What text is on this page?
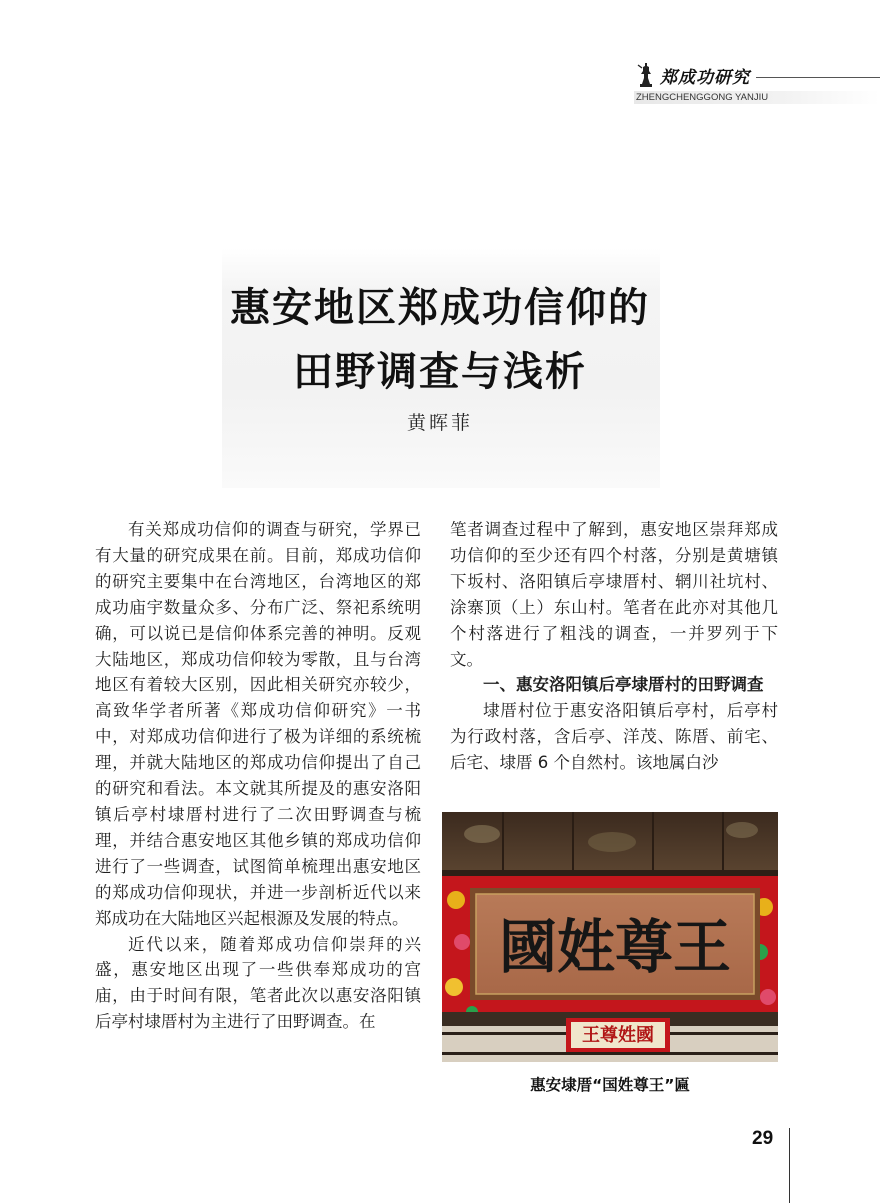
郑成功研究
ZHENGCHENGGONG YANJIU
惠安地区郑成功信仰的
田野调查与浅析
黄晖菲

有关郑成功信仰的调查与研究，学界已有大量的研究成果在前。目前，郑成功信仰的研究主要集中在台湾地区，台湾地区的郑成功庙宇数量众多、分布广泛、祭祀系统明确，可以说已是信仰体系完善的神明。反观大陆地区，郑成功信仰较为零散，且与台湾地区有着较大区别，因此相关研究亦较少，高致华学者所著《郑成功信仰研究》一书中，对郑成功信仰进行了极为详细的系统梳理，并就大陆地区的郑成功信仰提出了自己的研究和看法。本文就其所提及的惠安洛阳镇后亭村埭厝村进行了二次田野调查与梳理，并结合惠安地区其他乡镇的郑成功信仰进行了一些调查，试图简单梳理出惠安地区的郑成功信仰现状，并进一步剖析近代以来郑成功在大陆地区兴起根源及发展的特点。

近代以来，随着郑成功信仰崇拜的兴盛，惠安地区出现了一些供奉郑成功的宫庙，由于时间有限，笔者此次以惠安洛阳镇后亭村埭厝村为主进行了田野调查。在

笔者调查过程中了解到，惠安地区崇拜郑成功信仰的至少还有四个村落，分别是黄塘镇下坂村、洛阳镇后亭埭厝村、辋川社坑村、涂寨顶（上）东山村。笔者在此亦对其他几个村落进行了粗浅的调查，一并罗列于下文。

一、惠安洛阳镇后亭埭厝村的田野调查

埭厝村位于惠安洛阳镇后亭村，后亭村为行政村落，含后亭、洋茂、陈厝、前宅、后宅、埭厝 6 个自然村。该地属白沙

國姓尊王
王尊姓國
惠安埭厝“国姓尊王”匾
29
